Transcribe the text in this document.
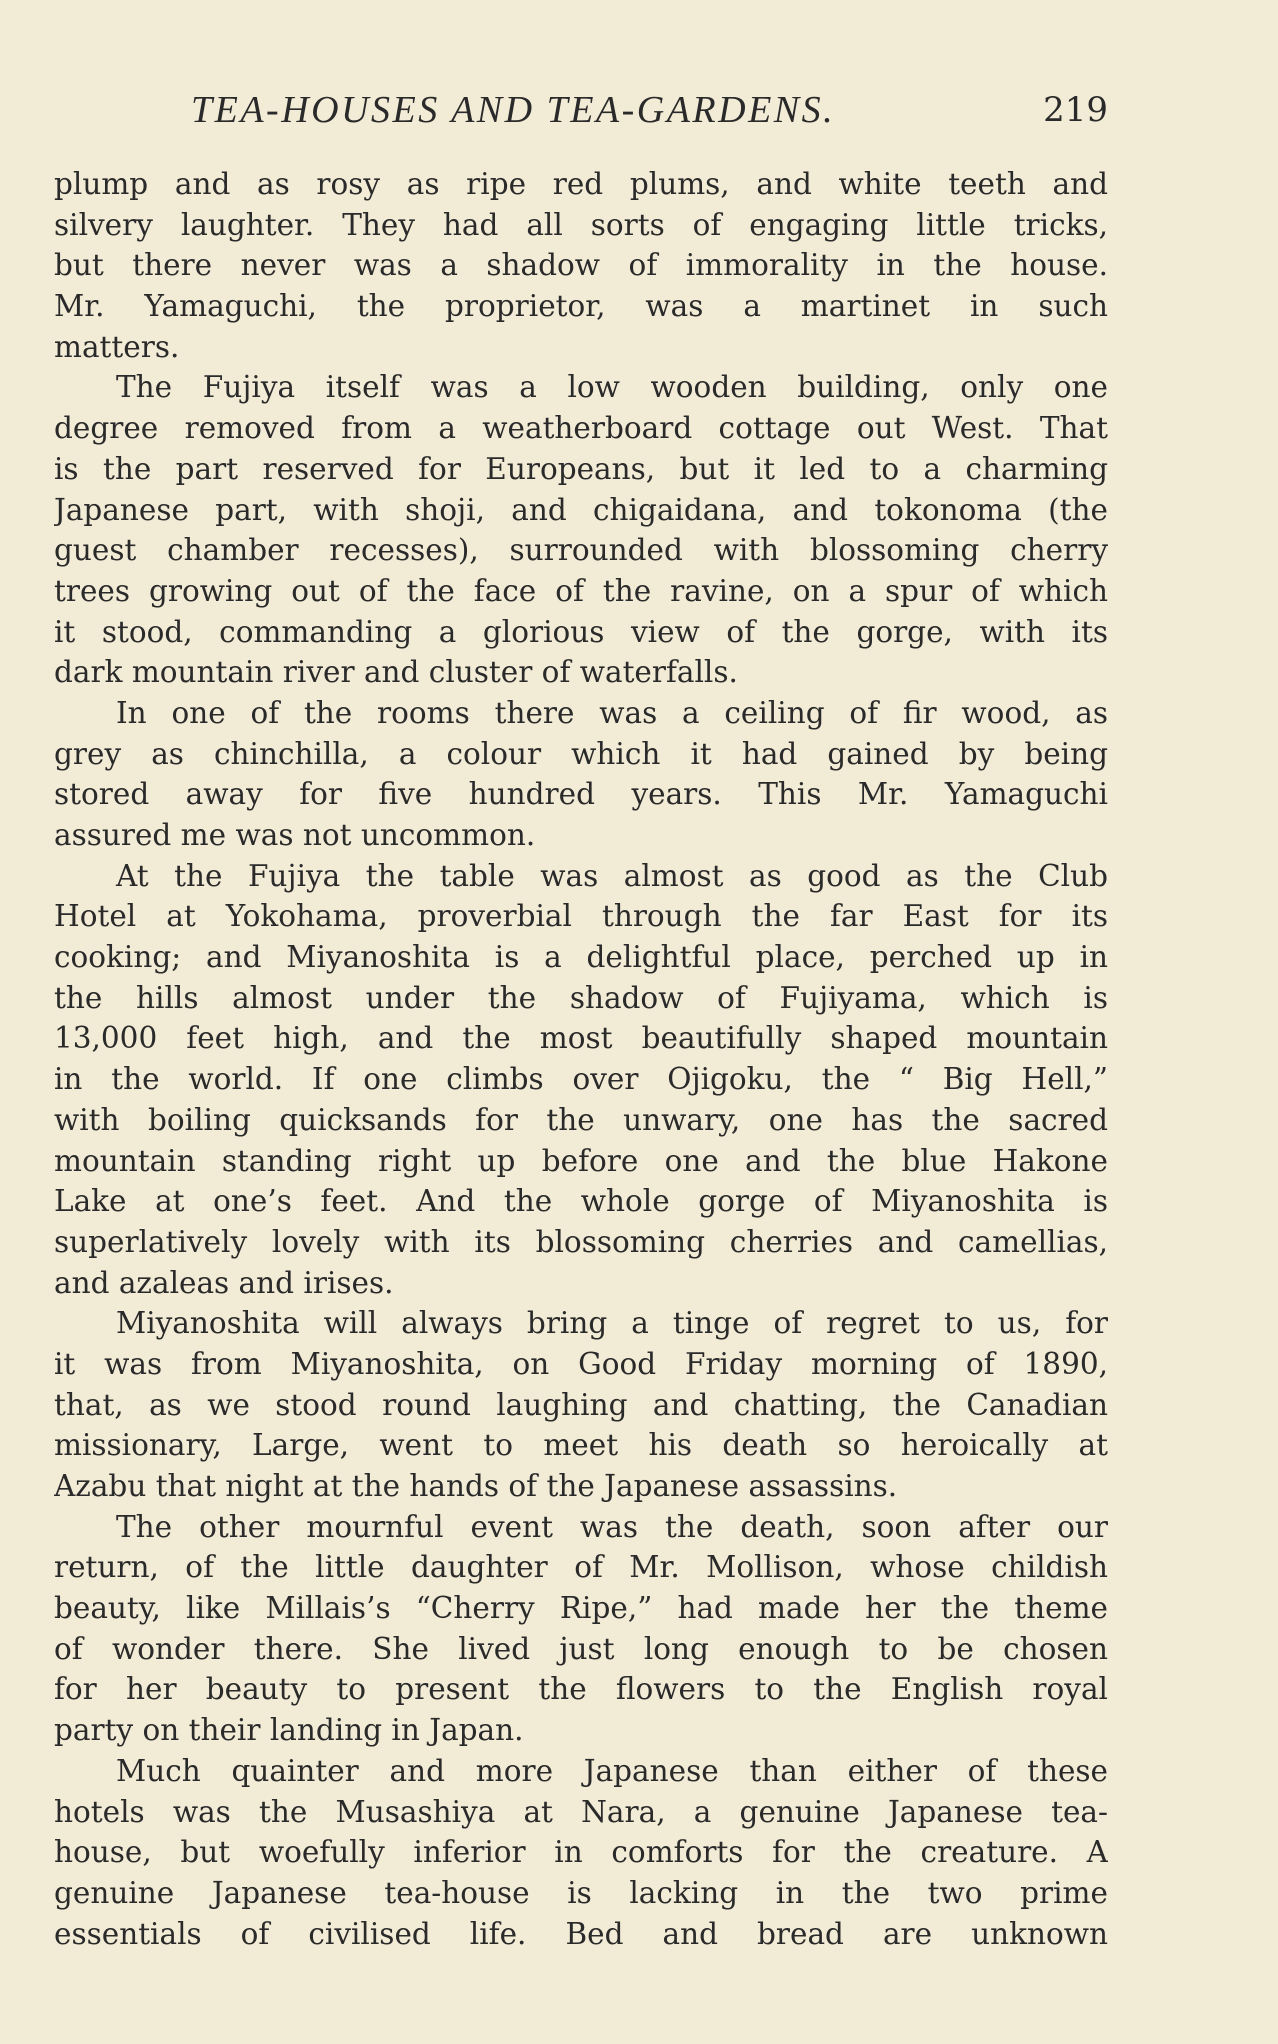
TEA-HOUSES AND TEA-GARDENS.	219
plump and as rosy as ripe red plums, and white teeth and
silvery laughter. They had all sorts of engaging little tricks,
but there never was a shadow of immorality in the house.
Mr. Yamaguchi, the proprietor, was a martinet in such
matters.
The Fujiya itself was a low wooden building, only one
degree removed from a weatherboard cottage out West. That
is the part reserved for Europeans, but it led to a charming
Japanese part, with shoji, and chigaidana, and tokonoma (the
guest chamber recesses), surrounded with blossoming cherry
trees growing out of the face of the ravine, on a spur of which
it stood, commanding a glorious view of the gorge, with its
dark mountain river and cluster of waterfalls.
In one of the rooms there was a ceiling of fir wood, as
grey as chinchilla, a colour which it had gained by being
stored away for five hundred years. This Mr. Yamaguchi
assured me was not uncommon.
At the Fujiya the table was almost as good as the Club
Hotel at Yokohama, proverbial through the far East for its
cooking; and Miyanoshita is a delightful place, perched up in
the hills almost under the shadow of Fujiyama, which is
13,000 feet high, and the most beautifully shaped mountain
in the world. If one climbs over Ojigoku, the “ Big Hell,”
with boiling quicksands for the unwary, one has the sacred
mountain standing right up before one and the blue Hakone
Lake at one’s feet. And the whole gorge of Miyanoshita is
superlatively lovely with its blossoming cherries and camellias,
and azaleas and irises.
Miyanoshita will always bring a tinge of regret to us, for
it was from Miyanoshita, on Good Friday morning of 1890,
that, as we stood round laughing and chatting, the Canadian
missionary, Large, went to meet his death so heroically at
Azabu that night at the hands of the Japanese assassins.
The other mournful event was the death, soon after our
return, of the little daughter of Mr. Mollison, whose childish
beauty, like Millais’s “Cherry Ripe,” had made her the theme
of wonder there. She lived just long enough to be chosen
for her beauty to present the flowers to the English royal
party on their landing in Japan.
Much quainter and more Japanese than either of these
hotels was the Musashiya at Nara, a genuine Japanese tea-
house, but woefully inferior in comforts for the creature. A
genuine Japanese tea-house is lacking in the two prime
essentials of civilised life. Bed and bread are unknown
